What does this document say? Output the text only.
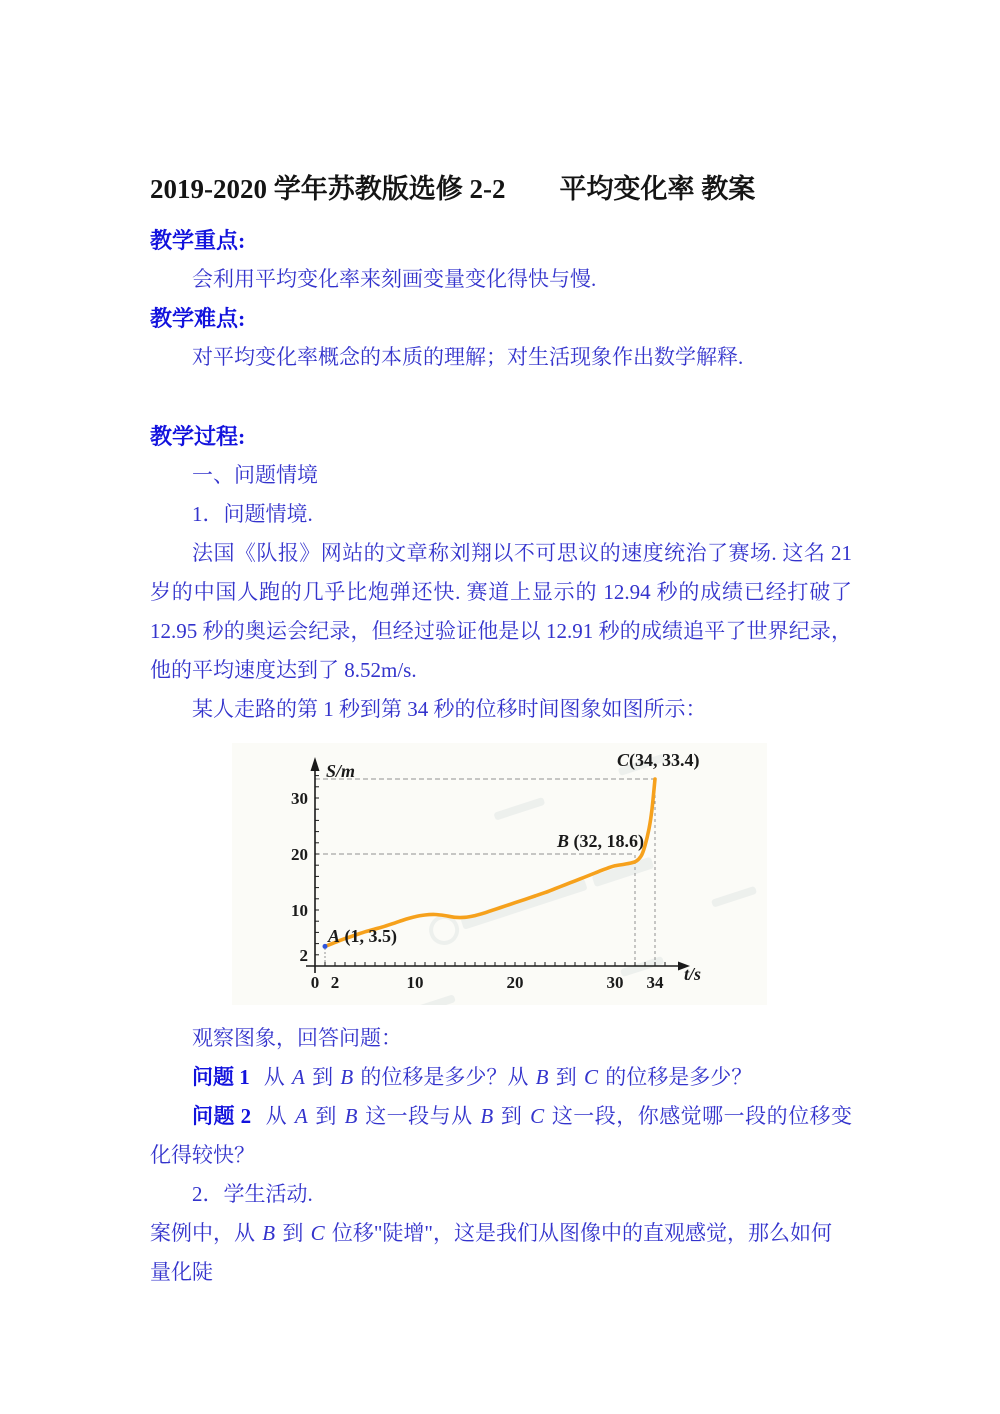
2019-2020 学年苏教版选修 2-2　　平均变化率 教案
教学重点:

会利用平均变化率来刻画变量变化得快与慢.

教学难点:

对平均变化率概念的本质的理解；对生活现象作出数学解释.

教学过程:

一、问题情境

1．问题情境.

法国《队报》网站的文章称刘翔以不可思议的速度统治了赛场. 这名 21 岁的中国人跑的几乎比炮弹还快. 赛道上显示的 12.94 秒的成绩已经打破了 12.95 秒的奥运会纪录，但经过验证他是以 12.91 秒的成绩追平了世界纪录，他的平均速度达到了 8.52m/s.

某人走路的第 1 秒到第 34 秒的位移时间图象如图所示：

0 2	10	20	30 34
2
10
20
30
S/m
t/s
A (1, 3.5)
B (32, 18.6)
C(34, 33.4)

观察图象，回答问题：

问题 1 从 A 到 B 的位移是多少？从 B 到 C 的位移是多少？

问题 2 从 A 到 B 这一段与从 B 到 C 这一段，你感觉哪一段的位移变化得较快？

2．学生活动.

案例中，从 B 到 C 位移"陡增"，这是我们从图像中的直观感觉，那么如何量化陡
